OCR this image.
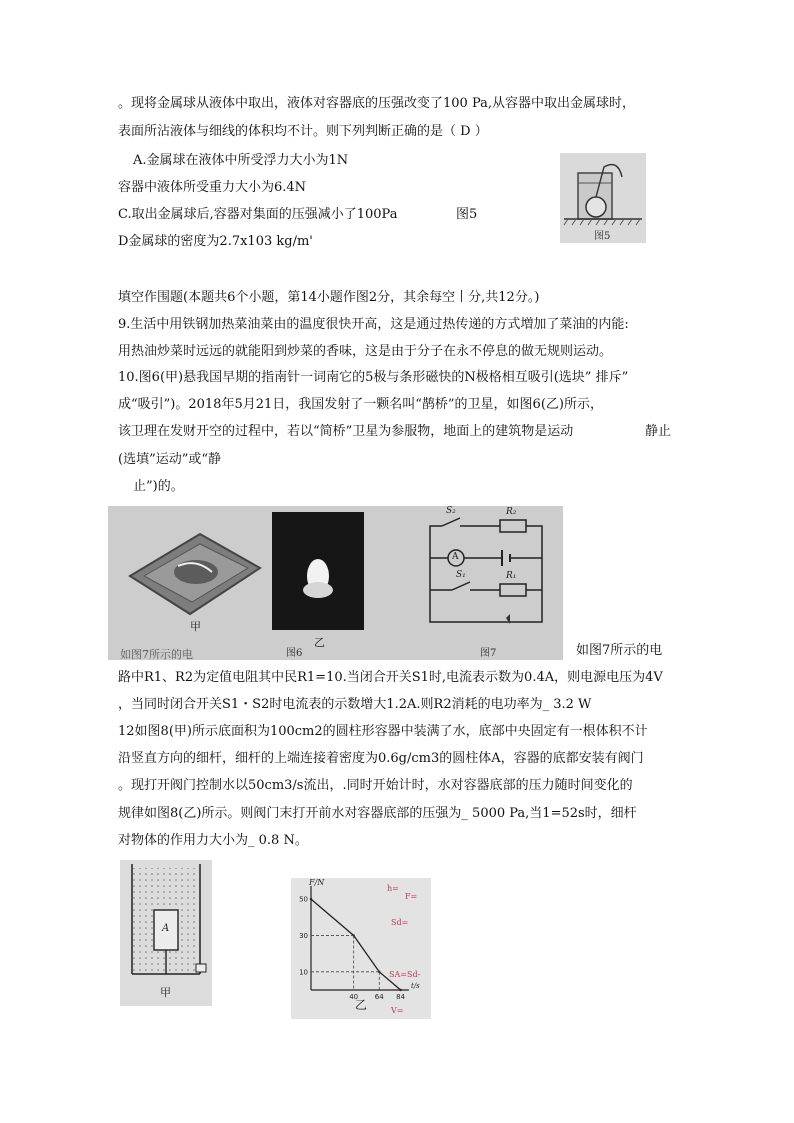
。现将金属球从液体中取出，液体对容器底的压强改变了100 Pa,从容器中取出金属球时，
表面所沾液体与细线的体积均不计。则下列判断正确的是（ D ）
A.金属球在液体中所受浮力大小为1N
容器中液体所受重力大小为6.4N
C.取出金属球后,容器对集面的压强减小了100Pa	图5
D金属球的密度为2.7x103 kg/m'	图5
填空作围题(本题共6个小题，第14小题作图2分，其余每空丨分,共12分。)
9.生活中用铁钢加热菜油菜由的温度很快开高，这是通过热传递的方式増加了菜油的内能:
用热油炒菜时远远的就能阳到炒菜的香味，这是由于分子在永不停息的做无规则运动。
10.图6(甲)悬我国早期的指南针一词南它的5极与条形磁快的N极格相互吸引(选块” 排斥”
成“吸引”)。2018年5月21日，我国发射了一颗名叫“鹊桥”的卫星，如图6(乙)所示，
该卫理在发财开空的过程中，若以“简桥”卫星为参服物，地面上的建筑物是运动	静止
(选填”运动”或“静
止”)的。
甲
乙
图6	图7
如图7所示的电
S₂	R₂
A
S₁	R₁
如图7所示的电
路中R1、R2为定值电阻其中民R1=10.当闭合开关S1时,电流表示数为0.4A，则电源电压为4V
，当同时闭合开关S1・S2时电流表的示数增大1.2A.则R2消耗的电功率为_ 3.2 W
12如图8(甲)所示底面积为100cm2的圆柱形容器中装满了水，底部中央固定有一根体积不计
沿竖直方向的细杆，细杆的上端连接着密度为0.6g/cm3的圆柱体A，容器的底都安装有阀门
。现打开阀门控制水以50cm3/s流出，.同时开始计时，水对容器底部的压力随时间变化的
规律如图8(乙)所示。则阀门末打开前水对容器底部的压强为_ 5000 Pa,当1=52s时，细杆
对物体的作用力大小为_ 0.8 N。
A
甲	40 64 84
10
30
50
F/N
t/s
乙
h=
F=
Sd=
SA=Sd-
V=
